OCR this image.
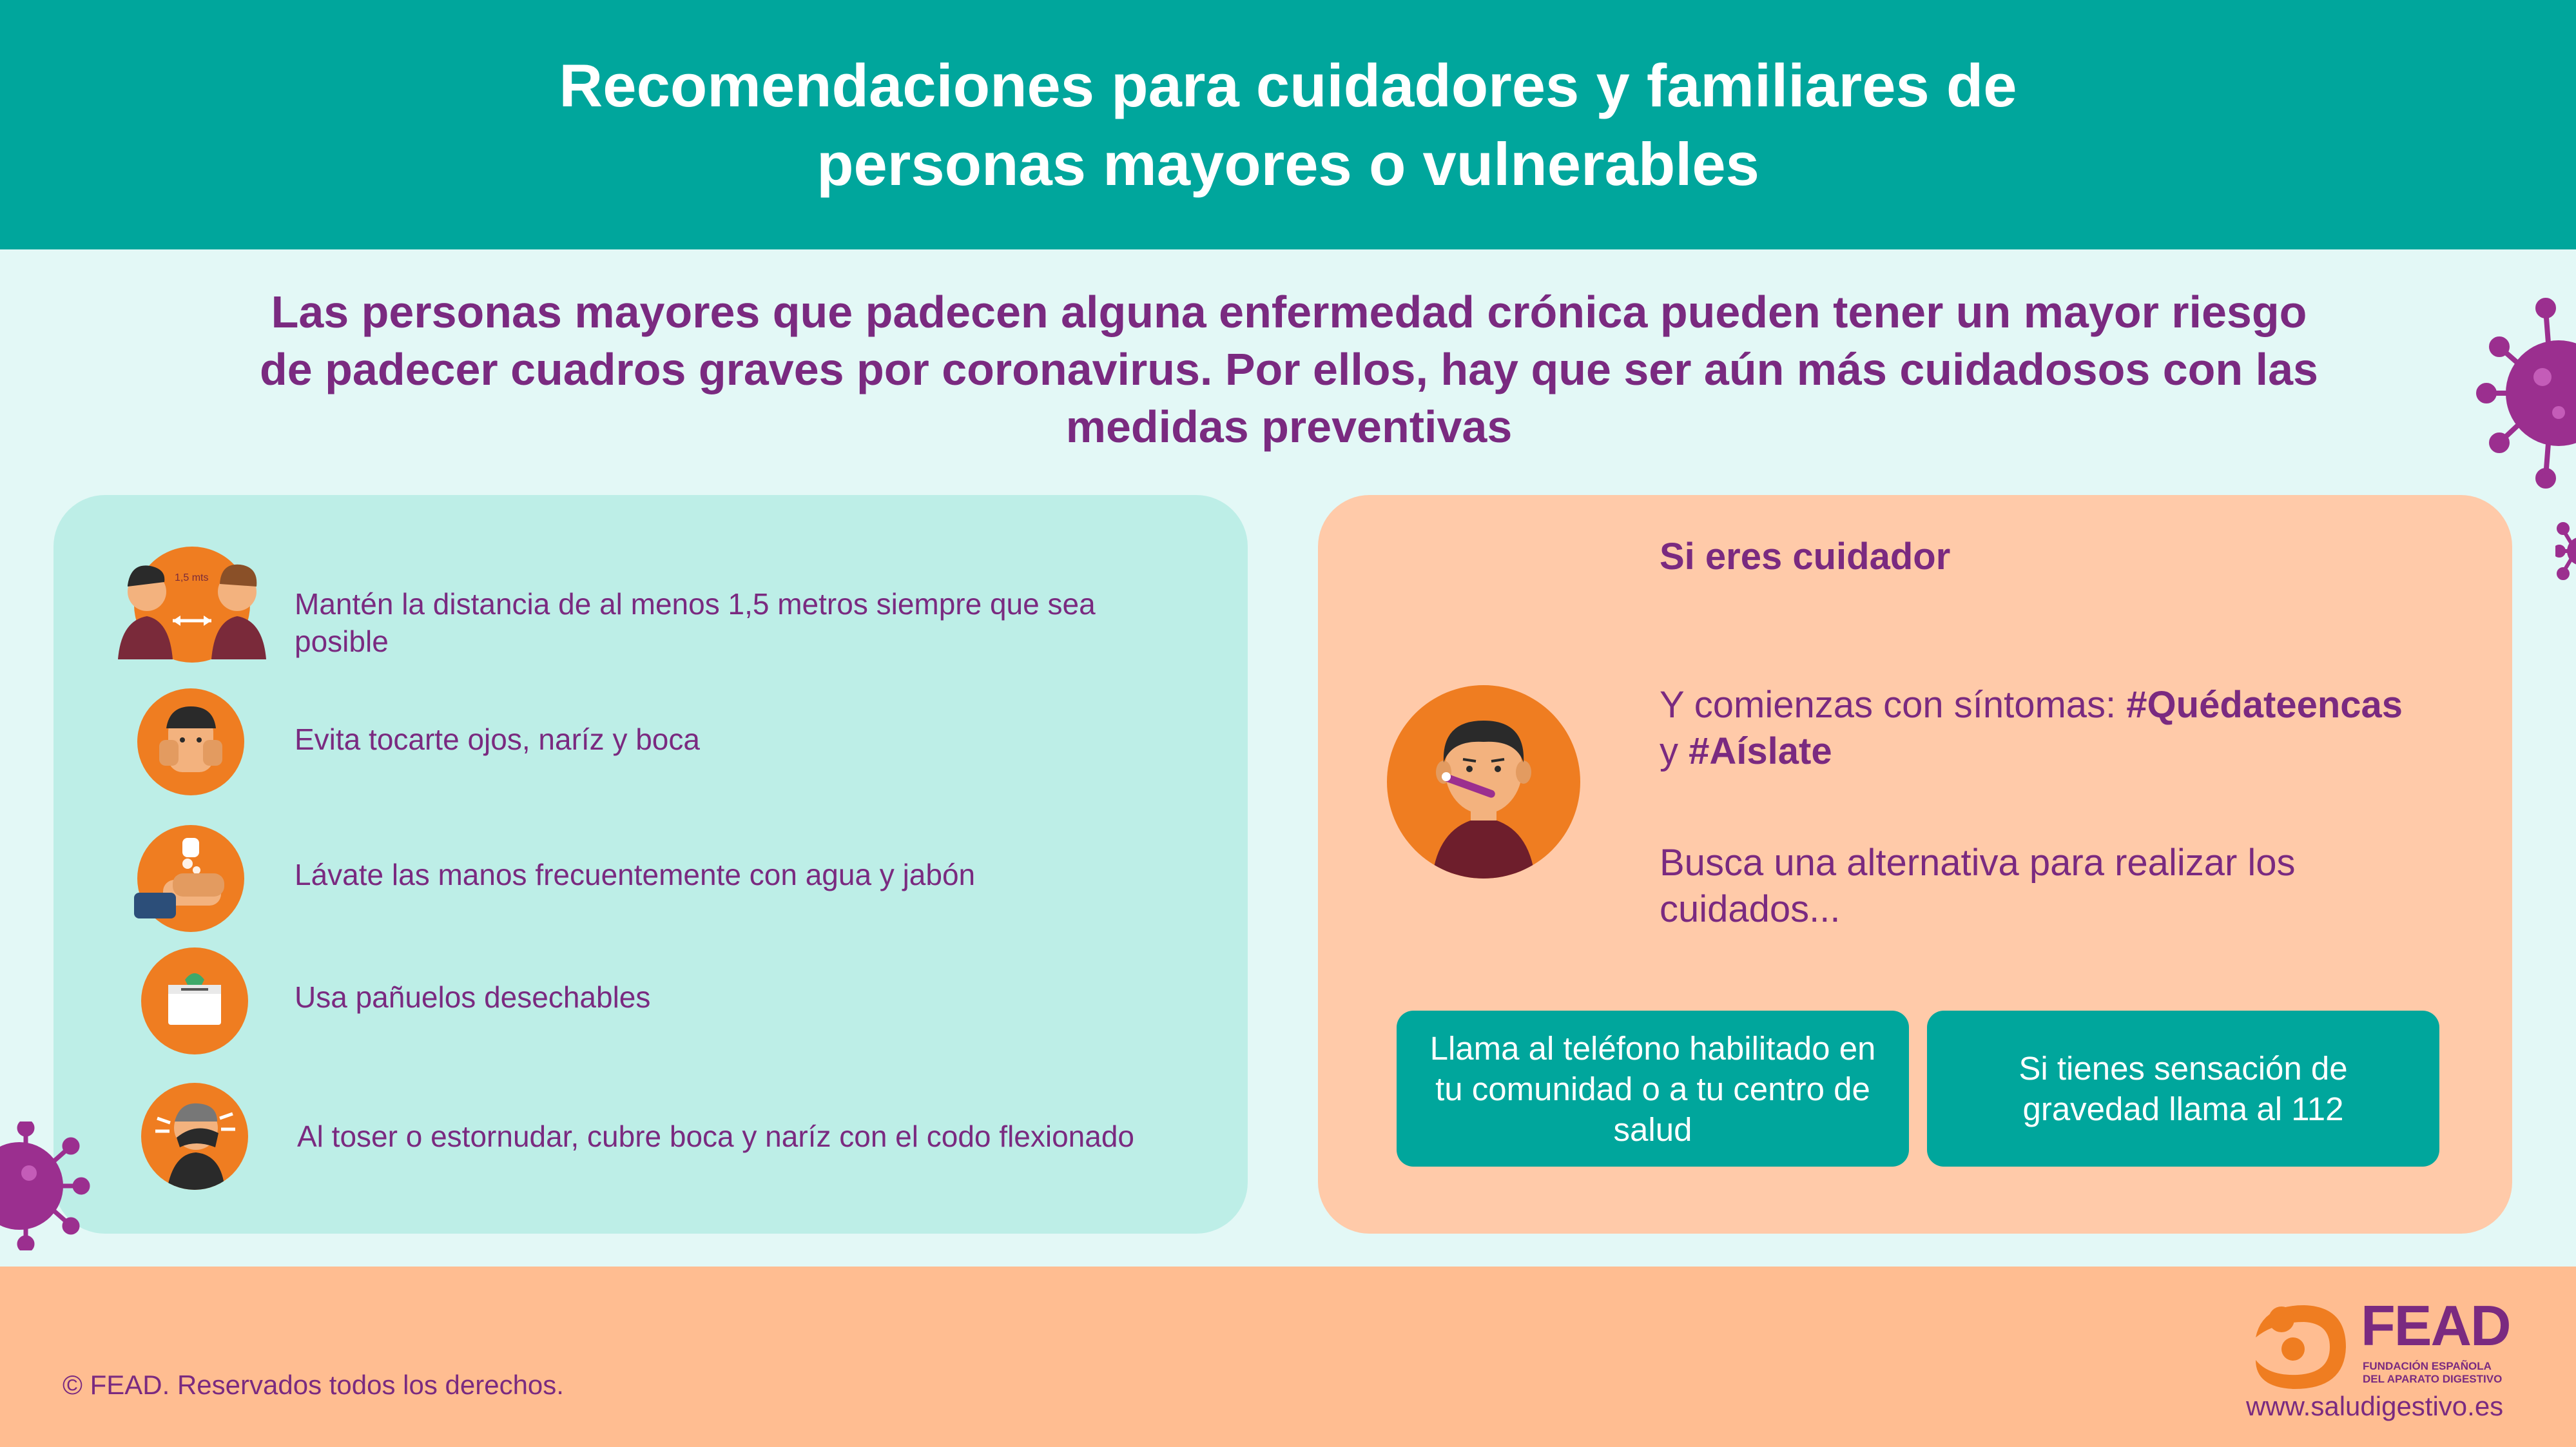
Recomendaciones para cuidadores y familiares de personas mayores o vulnerables

Las personas mayores que padecen alguna enfermedad crónica pueden tener un mayor riesgo de padecer cuadros graves por coronavirus. Por ellos, hay que ser aún más cuidadosos con las medidas preventivas

1,5 mts
Mantén la distancia de al menos 1,5 metros siempre que sea posible
Evita tocarte ojos, naríz y boca
Lávate las manos frecuentemente con agua y jabón
Usa pañuelos desechables
Al toser o estornudar, cubre boca y naríz con el codo flexionado
Si eres cuidador

Y comienzas con síntomas: #Quédateencas
y #Aíslate

Busca una alternativa para realizar los cuidados...

Llama al teléfono habilitado en tu comunidad o a tu centro de salud
Si tienes sensación de gravedad llama al 112
© FEAD. Reservados todos los derechos.
FEAD
FUNDACIÓN ESPAÑOLA DEL APARATO DIGESTIVO
www.saludigestivo.es
